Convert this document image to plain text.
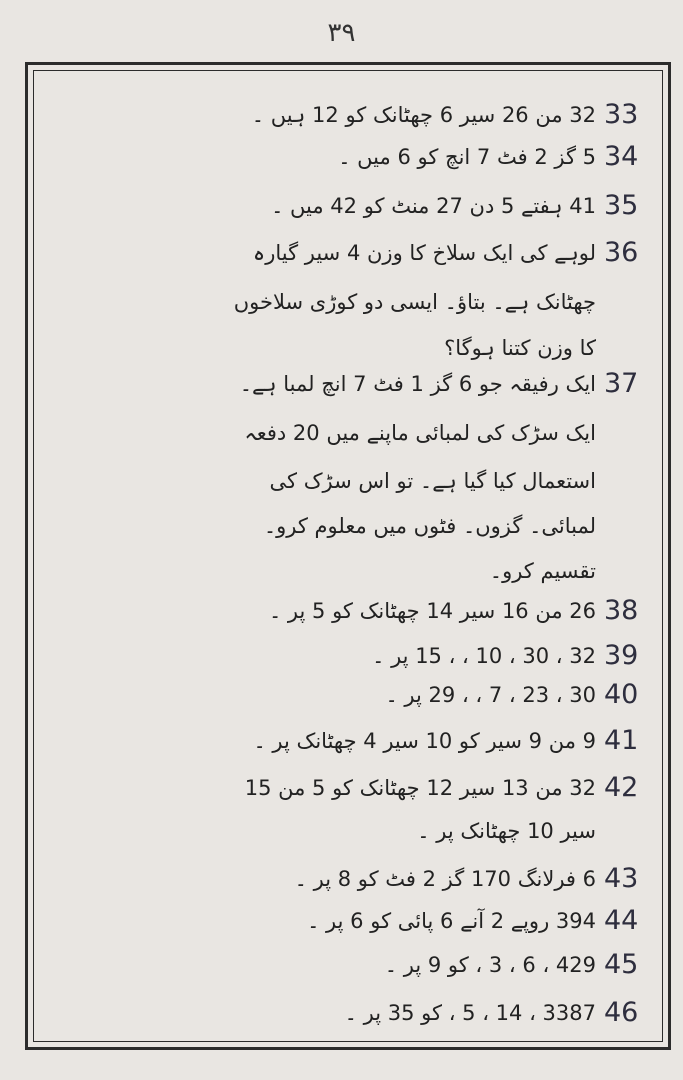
۳۹
33
32 من 26 سیر 6 چھٹانک کو 12 ہیں ۔
34
5 گز 2 فٹ 7 انچ کو 6 میں ۔
35
41 ہفتے 5 دن 27 منٹ کو 42 میں ۔
36
لوہے کی ایک سلاخ کا وزن 4 سیر گیارہ
چھٹانک ہے۔ بتاؤ۔ ایسی دو کوڑی سلاخوں
کا وزن کتنا ہوگا؟
37
ایک رفیقہ جو 6 گز 1 فٹ 7 انچ لمبا ہے۔
ایک سڑک کی لمبائی ماپنے میں 20 دفعہ
استعمال کیا گیا ہے۔ تو اس سڑک کی
لمبائی۔ گزوں۔ فٹوں میں معلوم کرو۔
تقسیم کرو۔
38
26 من 16 سیر 14 چھٹانک کو 5 پر ۔
39
32 ، 30 ، 10 ، ، 15 پر ۔
40
30 ، 23 ، 7 ، ، 29 پر ۔
41
9 من 9 سیر کو 10 سیر 4 چھٹانک پر ۔
42
32 من 13 سیر 12 چھٹانک کو 5 من 15
سیر 10 چھٹانک پر ۔
43
6 فرلانگ 170 گز 2 فٹ کو 8 پر ۔
44
394 روپے 2 آنے 6 پائی کو 6 پر ۔
45
429 ، 6 ، 3 ، کو 9 پر ۔
46
3387 ، 14 ، 5 ، کو 35 پر ۔
